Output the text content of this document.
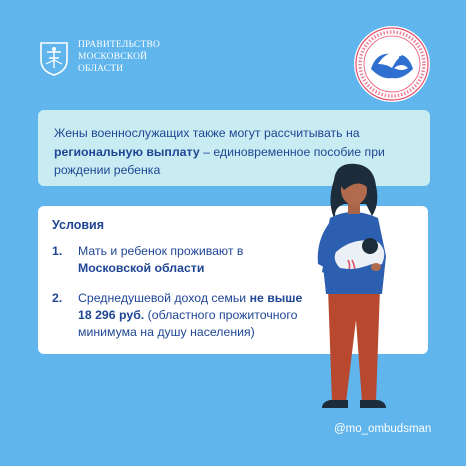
ПРАВИТЕЛЬСТВО
МОСКОВСКОЙ
ОБЛАСТИ
Жены военнослужащих также могут рассчитывать на региональную выплату – единовременное пособие при рождении ребенка
Условия
1.	Мать и ребенок проживают в Московской области
2.	Среднедушевой доход семьи не выше 18 296 руб. (областного прожиточного минимума на душу населения)
@mo_ombudsman
